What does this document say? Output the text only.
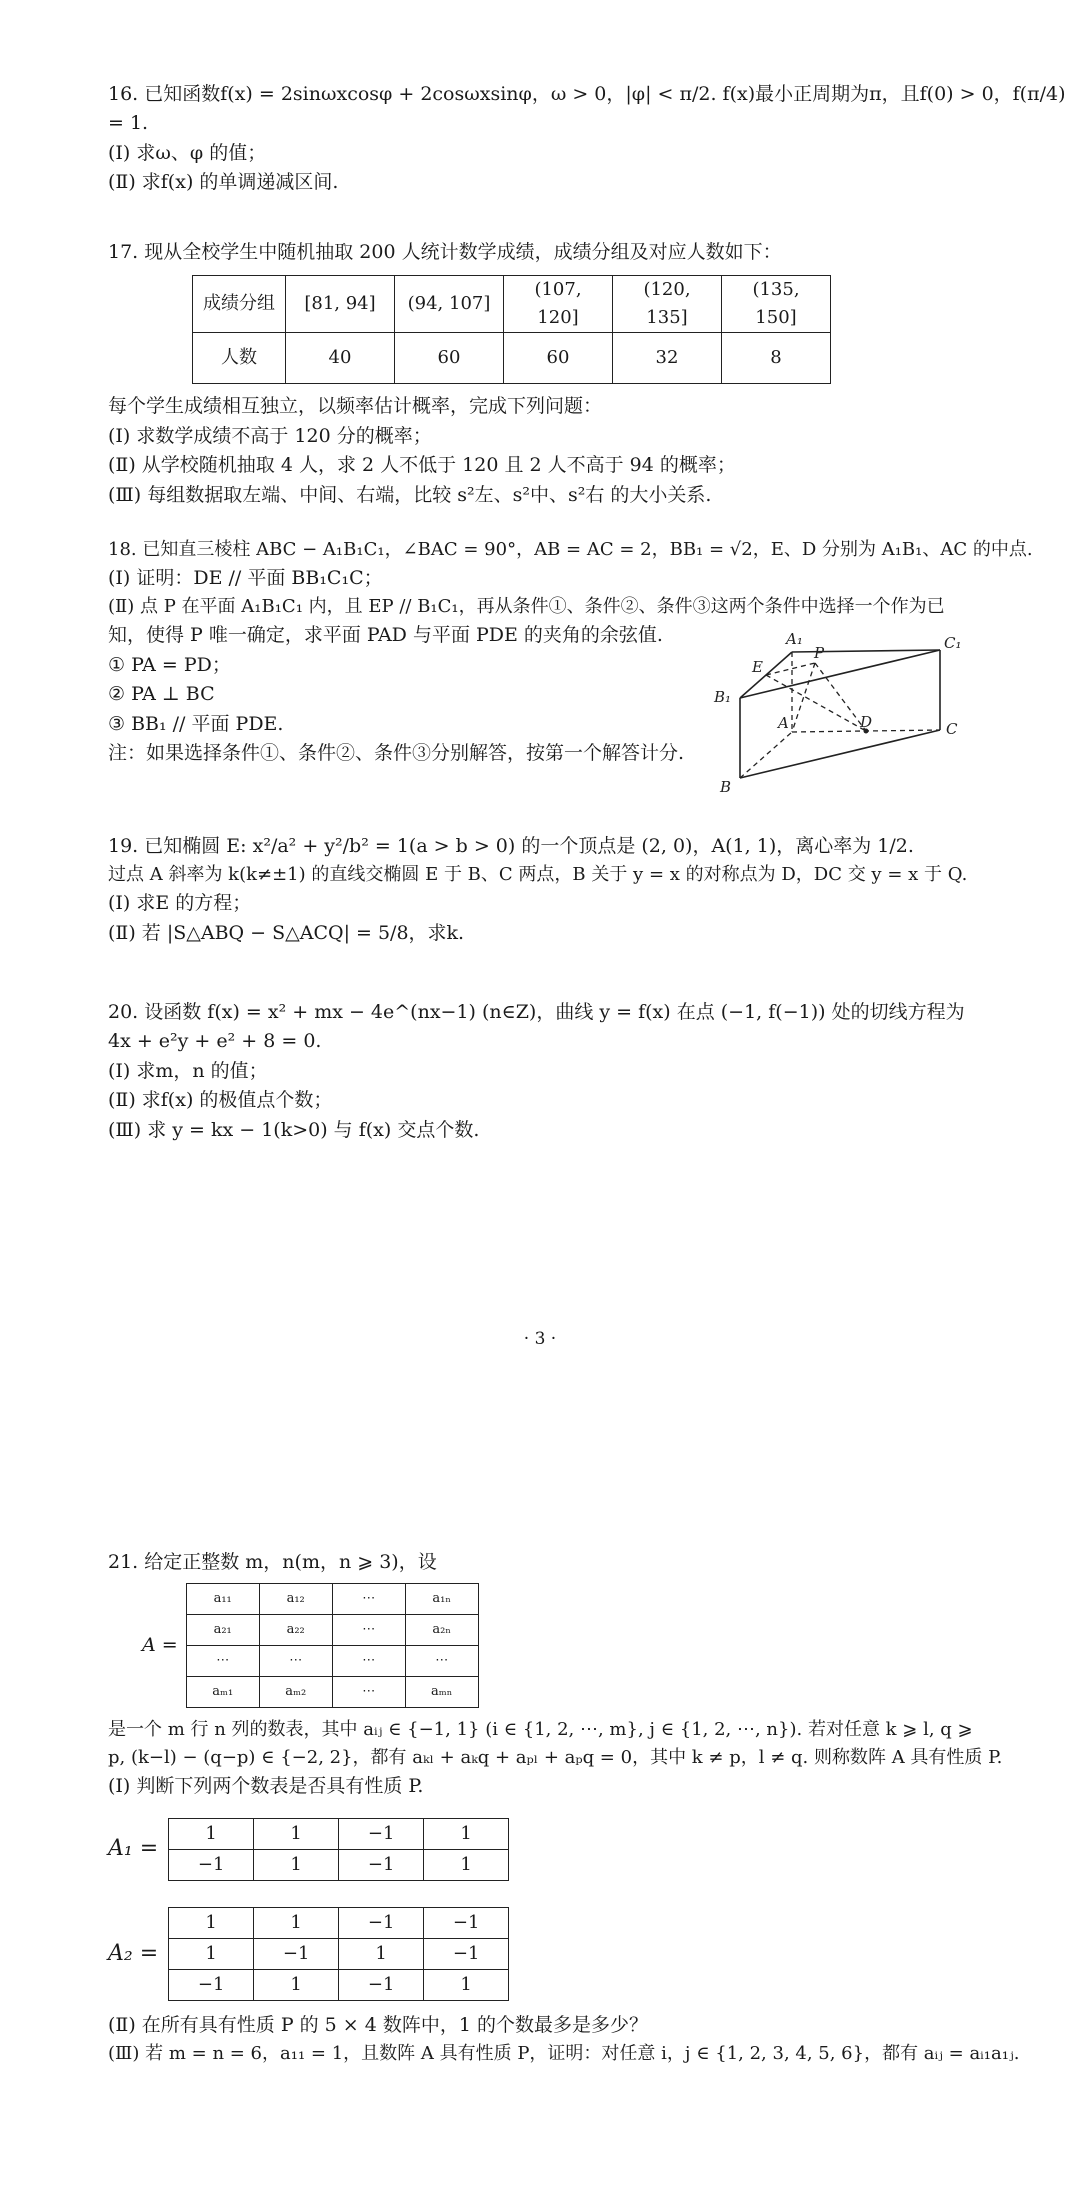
16. 已知函数f(x) = 2sinωxcosφ + 2cosωxsinφ，ω > 0，|φ| < π/2. f(x)最小正周期为π，且f(0) > 0，f(π/4)
= 1.
(Ⅰ) 求ω、φ 的值；
(Ⅱ) 求f(x) 的单调递减区间.
17. 现从全校学生中随机抽取 200 人统计数学成绩，成绩分组及对应人数如下：
成绩分组	[81, 94]	(94, 107]	(107, 120]	(120, 135]	(135, 150]
人数	40	60	60	32	8
每个学生成绩相互独立，以频率估计概率，完成下列问题：
(Ⅰ) 求数学成绩不高于 120 分的概率；
(Ⅱ) 从学校随机抽取 4 人，求 2 人不低于 120 且 2 人不高于 94 的概率；
(Ⅲ) 每组数据取左端、中间、右端，比较 s²左、s²中、s²右 的大小关系.
18. 已知直三棱柱 ABC − A₁B₁C₁，∠BAC = 90°，AB = AC = 2，BB₁ = √2，E、D 分别为 A₁B₁、AC 的中点.
(Ⅰ) 证明：DE // 平面 BB₁C₁C；
(Ⅱ) 点 P 在平面 A₁B₁C₁ 内，且 EP // B₁C₁，再从条件①、条件②、条件③这两个条件中选择一个作为已
知，使得 P 唯一确定，求平面 PAD 与平面 PDE 的夹角的余弦值.
① PA = PD；
② PA ⊥ BC
③ BB₁ // 平面 PDE.
注：如果选择条件①、条件②、条件③分别解答，按第一个解答计分.
A₁	C₁
B₁
E
P
A	D	C
B
19. 已知椭圆 E: x²/a² + y²/b² = 1(a > b > 0) 的一个顶点是 (2, 0)，A(1, 1)，离心率为 1/2.
过点 A 斜率为 k(k≠±1) 的直线交椭圆 E 于 B、C 两点，B 关于 y = x 的对称点为 D，DC 交 y = x 于 Q.
(Ⅰ) 求E 的方程；
(Ⅱ) 若 |S△ABQ − S△ACQ| = 5/8，求k.
20. 设函数 f(x) = x² + mx − 4e^(nx−1) (n∈Z)，曲线 y = f(x) 在点 (−1, f(−1)) 处的切线方程为
4x + e²y + e² + 8 = 0.
(Ⅰ) 求m，n 的值；
(Ⅱ) 求f(x) 的极值点个数；
(Ⅲ) 求 y = kx − 1(k>0) 与 f(x) 交点个数.
· 3 ·
21. 给定正整数 m，n(m，n ⩾ 3)，设
A =
a₁₁	a₁₂	⋯	a₁ₙ
a₂₁	a₂₂	⋯	a₂ₙ
⋯	⋯	⋯	⋯
aₘ₁	aₘ₂	⋯	aₘₙ
是一个 m 行 n 列的数表，其中 aᵢⱼ ∈ {−1, 1} (i ∈ {1, 2, ⋯, m}, j ∈ {1, 2, ⋯, n}). 若对任意 k ⩾ l, q ⩾
p, (k−l) − (q−p) ∈ {−2, 2}，都有 aₖₗ + aₖq + aₚₗ + aₚq = 0，其中 k ≠ p，l ≠ q. 则称数阵 A 具有性质 P.
(Ⅰ) 判断下列两个数表是否具有性质 P.
A₁ =
1	1	−1	1
−1	1	−1	1
A₂ =
1	1	−1	−1
1	−1	1	−1
−1	1	−1	1
(Ⅱ) 在所有具有性质 P 的 5 × 4 数阵中，1 的个数最多是多少？
(Ⅲ) 若 m = n = 6，a₁₁ = 1，且数阵 A 具有性质 P，证明：对任意 i，j ∈ {1, 2, 3, 4, 5, 6}，都有 aᵢⱼ = aᵢ₁a₁ⱼ.
